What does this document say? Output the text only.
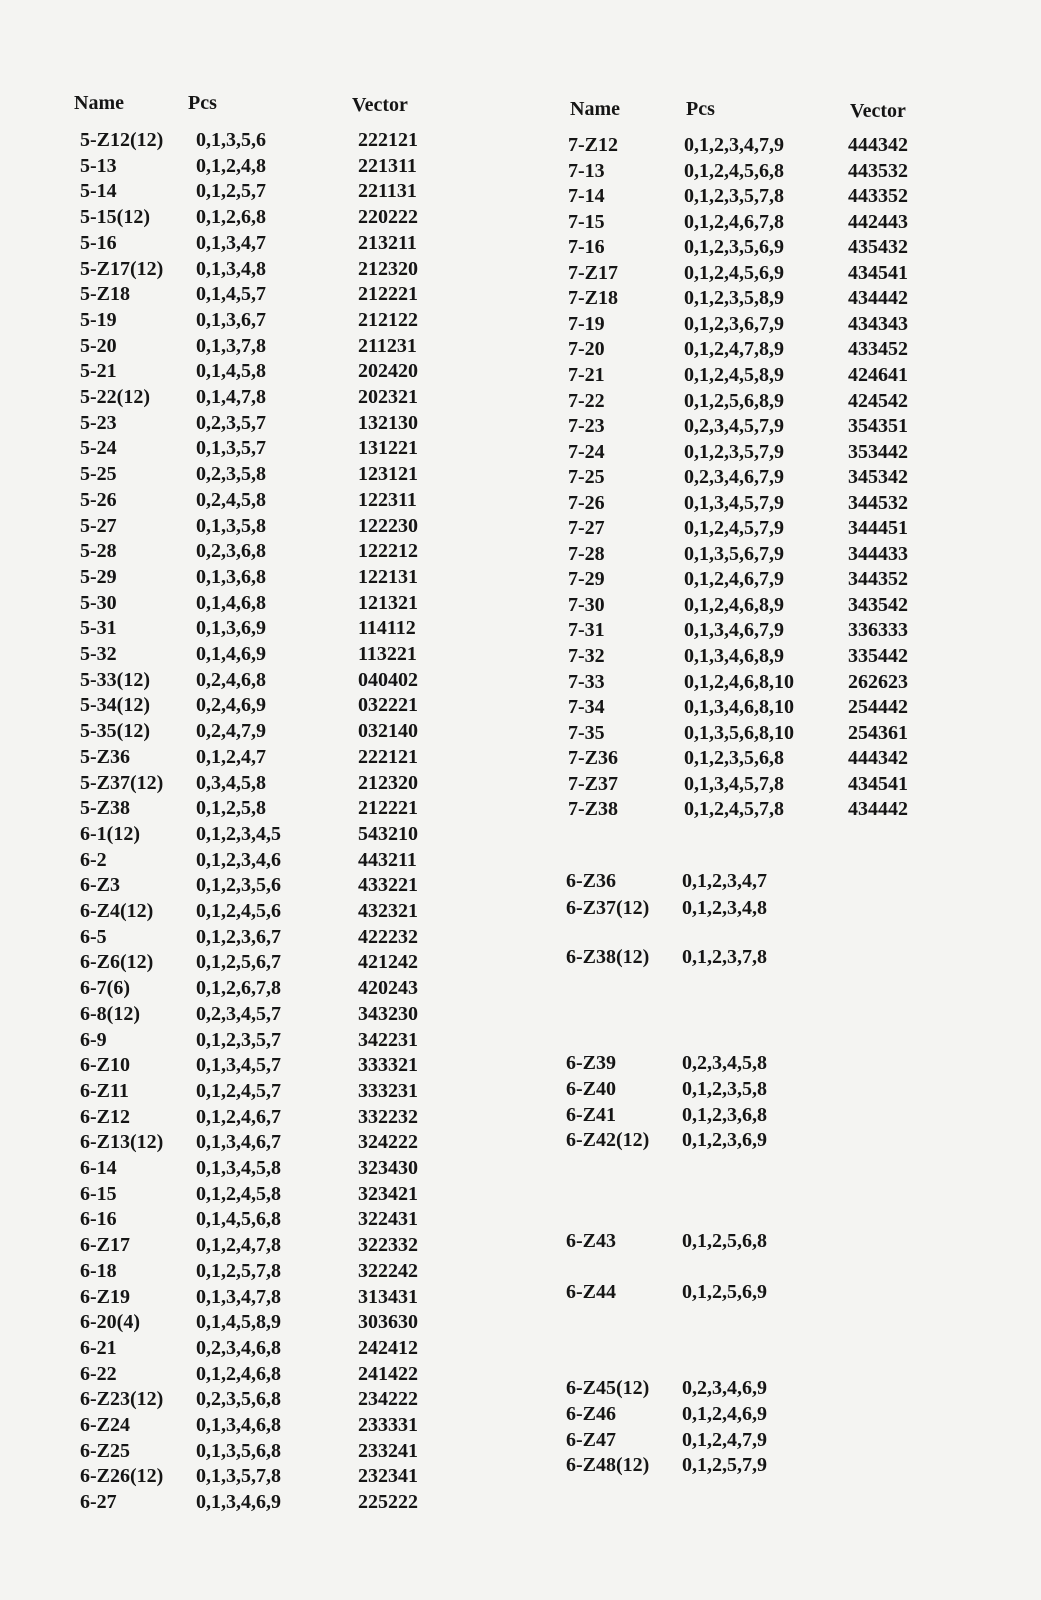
Name	Pcs	Vector	Name	Pcs	Vector
5-Z12(12) 0,1,3,5,6	222121
5-13	0,1,2,4,8	221311
5-14	0,1,2,5,7	221131
5-15(12) 0,1,2,6,8	220222
5-16	0,1,3,4,7	213211
5-Z17(12) 0,1,3,4,8	212320
5-Z18	0,1,4,5,7	212221
5-19	0,1,3,6,7	212122
5-20	0,1,3,7,8	211231
5-21	0,1,4,5,8	202420
5-22(12) 0,1,4,7,8	202321
5-23	0,2,3,5,7	132130
5-24	0,1,3,5,7	131221
5-25	0,2,3,5,8	123121
5-26	0,2,4,5,8	122311
5-27	0,1,3,5,8	122230
5-28	0,2,3,6,8	122212
5-29	0,1,3,6,8	122131
5-30	0,1,4,6,8	121321
5-31	0,1,3,6,9	114112
5-32	0,1,4,6,9	113221
5-33(12) 0,2,4,6,8	040402
5-34(12) 0,2,4,6,9	032221
5-35(12) 0,2,4,7,9	032140
5-Z36	0,1,2,4,7	222121
5-Z37(12) 0,3,4,5,8	212320
5-Z38	0,1,2,5,8	212221
6-1(12)	0,1,2,3,4,5	543210
6-2	0,1,2,3,4,6	443211
6-Z3	0,1,2,3,5,6	433221
6-Z4(12) 0,1,2,4,5,6	432321
6-5	0,1,2,3,6,7	422232
6-Z6(12) 0,1,2,5,6,7	421242
6-7(6)	0,1,2,6,7,8	420243
6-8(12)	0,2,3,4,5,7	343230
6-9	0,1,2,3,5,7	342231
6-Z10	0,1,3,4,5,7	333321
6-Z11	0,1,2,4,5,7	333231
6-Z12	0,1,2,4,6,7	332232
6-Z13(12) 0,1,3,4,6,7	324222
6-14	0,1,3,4,5,8	323430
6-15	0,1,2,4,5,8	323421
6-16	0,1,4,5,6,8	322431
6-Z17	0,1,2,4,7,8	322332
6-18	0,1,2,5,7,8	322242
6-Z19	0,1,3,4,7,8	313431
6-20(4)	0,1,4,5,8,9	303630
6-21	0,2,3,4,6,8	242412
6-22	0,1,2,4,6,8	241422
6-Z23(12) 0,2,3,5,6,8	234222
6-Z24	0,1,3,4,6,8	233331
6-Z25	0,1,3,5,6,8	233241
6-Z26(12) 0,1,3,5,7,8	232341
6-27	0,1,3,4,6,9	225222
7-Z12	0,1,2,3,4,7,9	444342
7-13	0,1,2,4,5,6,8	443532
7-14	0,1,2,3,5,7,8	443352
7-15	0,1,2,4,6,7,8	442443
7-16	0,1,2,3,5,6,9	435432
7-Z17	0,1,2,4,5,6,9	434541
7-Z18	0,1,2,3,5,8,9	434442
7-19	0,1,2,3,6,7,9	434343
7-20	0,1,2,4,7,8,9	433452
7-21	0,1,2,4,5,8,9	424641
7-22	0,1,2,5,6,8,9	424542
7-23	0,2,3,4,5,7,9	354351
7-24	0,1,2,3,5,7,9	353442
7-25	0,2,3,4,6,7,9	345342
7-26	0,1,3,4,5,7,9	344532
7-27	0,1,2,4,5,7,9	344451
7-28	0,1,3,5,6,7,9	344433
7-29	0,1,2,4,6,7,9	344352
7-30	0,1,2,4,6,8,9	343542
7-31	0,1,3,4,6,7,9	336333
7-32	0,1,3,4,6,8,9	335442
7-33	0,1,2,4,6,8,10	262623
7-34	0,1,3,4,6,8,10	254442
7-35	0,1,3,5,6,8,10	254361
7-Z36	0,1,2,3,5,6,8	444342
7-Z37	0,1,3,4,5,7,8	434541
7-Z38	0,1,2,4,5,7,8	434442
6-Z36	0,1,2,3,4,7
6-Z37(12) 0,1,2,3,4,8
6-Z38(12) 0,1,2,3,7,8
6-Z39	0,2,3,4,5,8
6-Z40	0,1,2,3,5,8
6-Z41	0,1,2,3,6,8
6-Z42(12) 0,1,2,3,6,9
6-Z43	0,1,2,5,6,8
6-Z44	0,1,2,5,6,9
6-Z45(12) 0,2,3,4,6,9
6-Z46	0,1,2,4,6,9
6-Z47	0,1,2,4,7,9
6-Z48(12) 0,1,2,5,7,9
